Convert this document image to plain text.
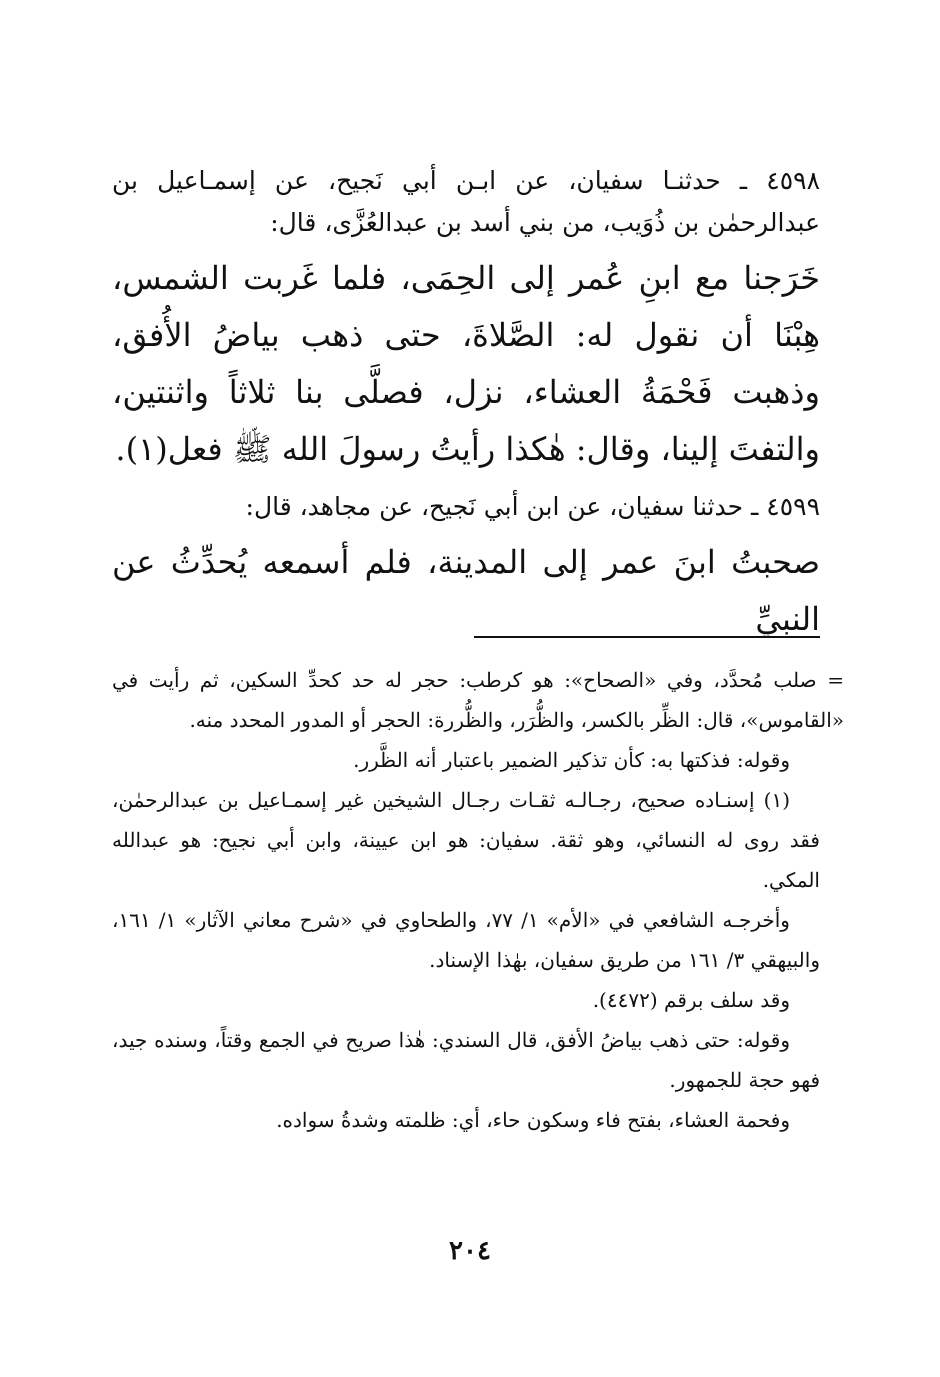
٤٥٩٨ ـ حدثنـا سفيان، عن ابـن أبي نَجيح، عن إسمـاعيل بن عبدالرحمٰن بن ذُوَيب، من بني أسد بن عبدالعُزَّى، قال:

خَرَجنا مع ابنِ عُمر إلى الحِمَى، فلما غَربت الشمس، هِبْنَا أن نقول له: الصَّلاةَ، حتى ذهب بياضُ الأُفق، وذهبت فَحْمَةُ العشاء، نزل، فصلَّى بنا ثلاثاً واثنتين، والتفتَ إلينا، وقال: هٰكذا رأيتُ رسولَ الله ﷺ فعل(١).

٤٥٩٩ ـ حدثنا سفيان، عن ابن أبي نَجيح، عن مجاهد، قال:

صحبتُ ابنَ عمر إلى المدينة، فلم أسمعه يُحدِّثُ عن النبيِّ

= صلب مُحدَّد، وفي «الصحاح»: هو كرطب: حجر له حد كحدِّ السكين، ثم رأيت في «القاموس»، قال: الظِّر بالكسر، والظُّرَر، والظُّررة: الحجر أو المدور المحدد منه.

وقوله: فذكتها به: كأن تذكير الضمير باعتبار أنه الظَّرر.

(١) إسنـاده صحيح، رجـالـه ثقـات رجـال الشيخين غير إسمـاعيل بن عبدالرحمٰن، فقد روى له النسائي، وهو ثقة. سفيان: هو ابن عيينة، وابن أبي نجيح: هو عبدالله المكي.

وأخرجـه الشافعي في «الأم» ١/ ٧٧، والطحاوي في «شرح معاني الآثار» ١/ ١٦١، والبيهقي ٣/ ١٦١ من طريق سفيان، بهٰذا الإسناد.

وقد سلف برقم (٤٤٧٢).

وقوله: حتى ذهب بياضُ الأفق، قال السندي: هٰذا صريح في الجمع وقتاً، وسنده جيد، فهو حجة للجمهور.

وفحمة العشاء، بفتح فاء وسكون حاء، أي: ظلمته وشدةُ سواده.

٢٠٤
